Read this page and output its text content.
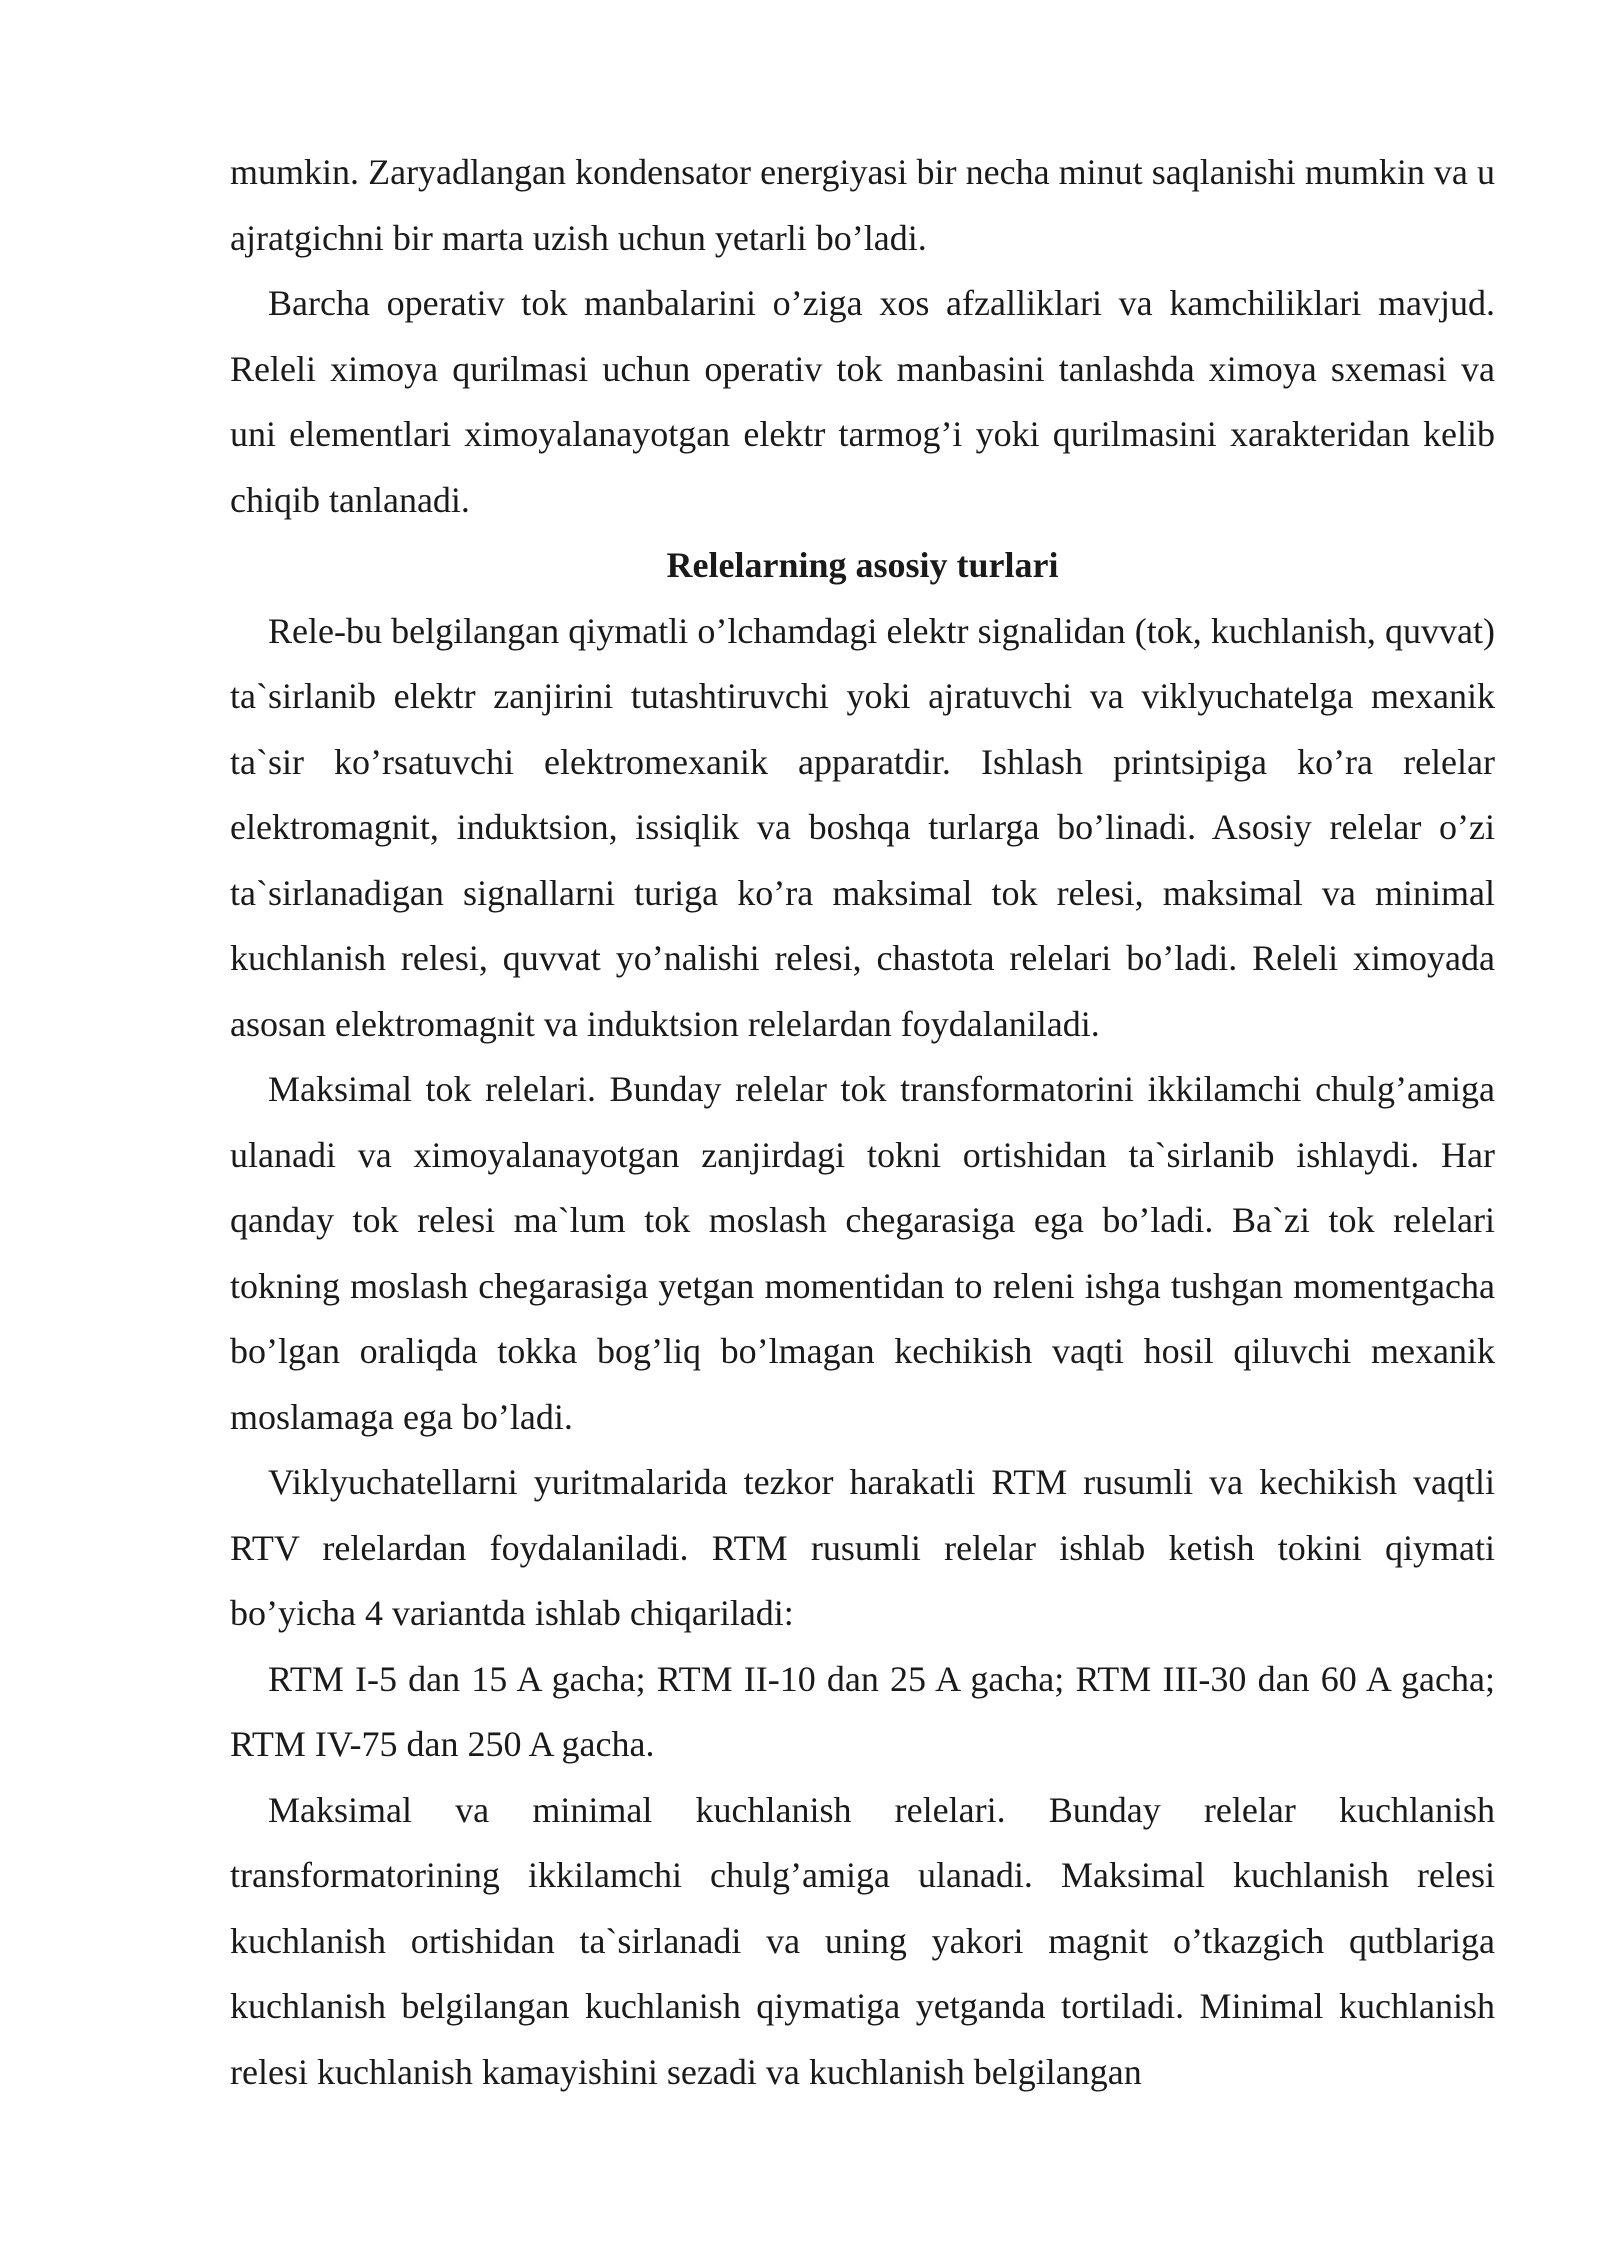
mumkin. Zaryadlangan kondensator energiyasi bir necha minut saqlanishi mumkin va u ajratgichni bir marta uzish uchun yetarli bo’ladi.

Barcha operativ tok manbalarini o’ziga xos afzalliklari va kamchiliklari mavjud. Releli ximoya qurilmasi uchun operativ tok manbasini tanlashda ximoya sxemasi va uni elementlari ximoyalanayotgan elektr tarmog’i yoki qurilmasini xarakteridan kelib chiqib tanlanadi.

Relelarning asosiy turlari

Rele-bu belgilangan qiymatli o’lchamdagi elektr signalidan (tok, kuchlanish, quvvat) ta`sirlanib elektr zanjirini tutashtiruvchi yoki ajratuvchi va viklyuchatelga mexanik ta`sir ko’rsatuvchi elektromexanik apparatdir. Ishlash printsipiga ko’ra relelar elektromagnit, induktsion, issiqlik va boshqa turlarga bo’linadi. Asosiy relelar o’zi ta`sirlanadigan signallarni turiga ko’ra maksimal tok relesi, maksimal va minimal kuchlanish relesi, quvvat yo’nalishi relesi, chastota relelari bo’ladi. Releli ximoyada asosan elektromagnit va induktsion relelardan foydalaniladi.

Maksimal tok relelari. Bunday relelar tok transformatorini ikkilamchi chulg’amiga ulanadi va ximoyalanayotgan zanjirdagi tokni ortishidan ta`sirlanib ishlaydi. Har qanday tok relesi ma`lum tok moslash chegarasiga ega bo’ladi. Ba`zi tok relelari tokning moslash chegarasiga yetgan momentidan to releni ishga tushgan momentgacha bo’lgan oraliqda tokka bog’liq bo’lmagan kechikish vaqti hosil qiluvchi mexanik moslamaga ega bo’ladi.

Viklyuchatellarni yuritmalarida tezkor harakatli RTM rusumli va kechikish vaqtli RTV relelardan foydalaniladi. RTM rusumli relelar ishlab ketish tokini qiymati bo’yicha 4 variantda ishlab chiqariladi:

RTM I-5 dan 15 A gacha; RTM II-10 dan 25 A gacha; RTM III-30 dan 60 A gacha; RTM IV-75 dan 250 A gacha.

Maksimal va minimal kuchlanish relelari. Bunday relelar kuchlanish transformatorining ikkilamchi chulg’amiga ulanadi. Maksimal kuchlanish relesi kuchlanish ortishidan ta`sirlanadi va uning yakori magnit o’tkazgich qutblariga kuchlanish belgilangan kuchlanish qiymatiga yetganda tortiladi. Minimal kuchlanish relesi kuchlanish kamayishini sezadi va kuchlanish belgilangan
